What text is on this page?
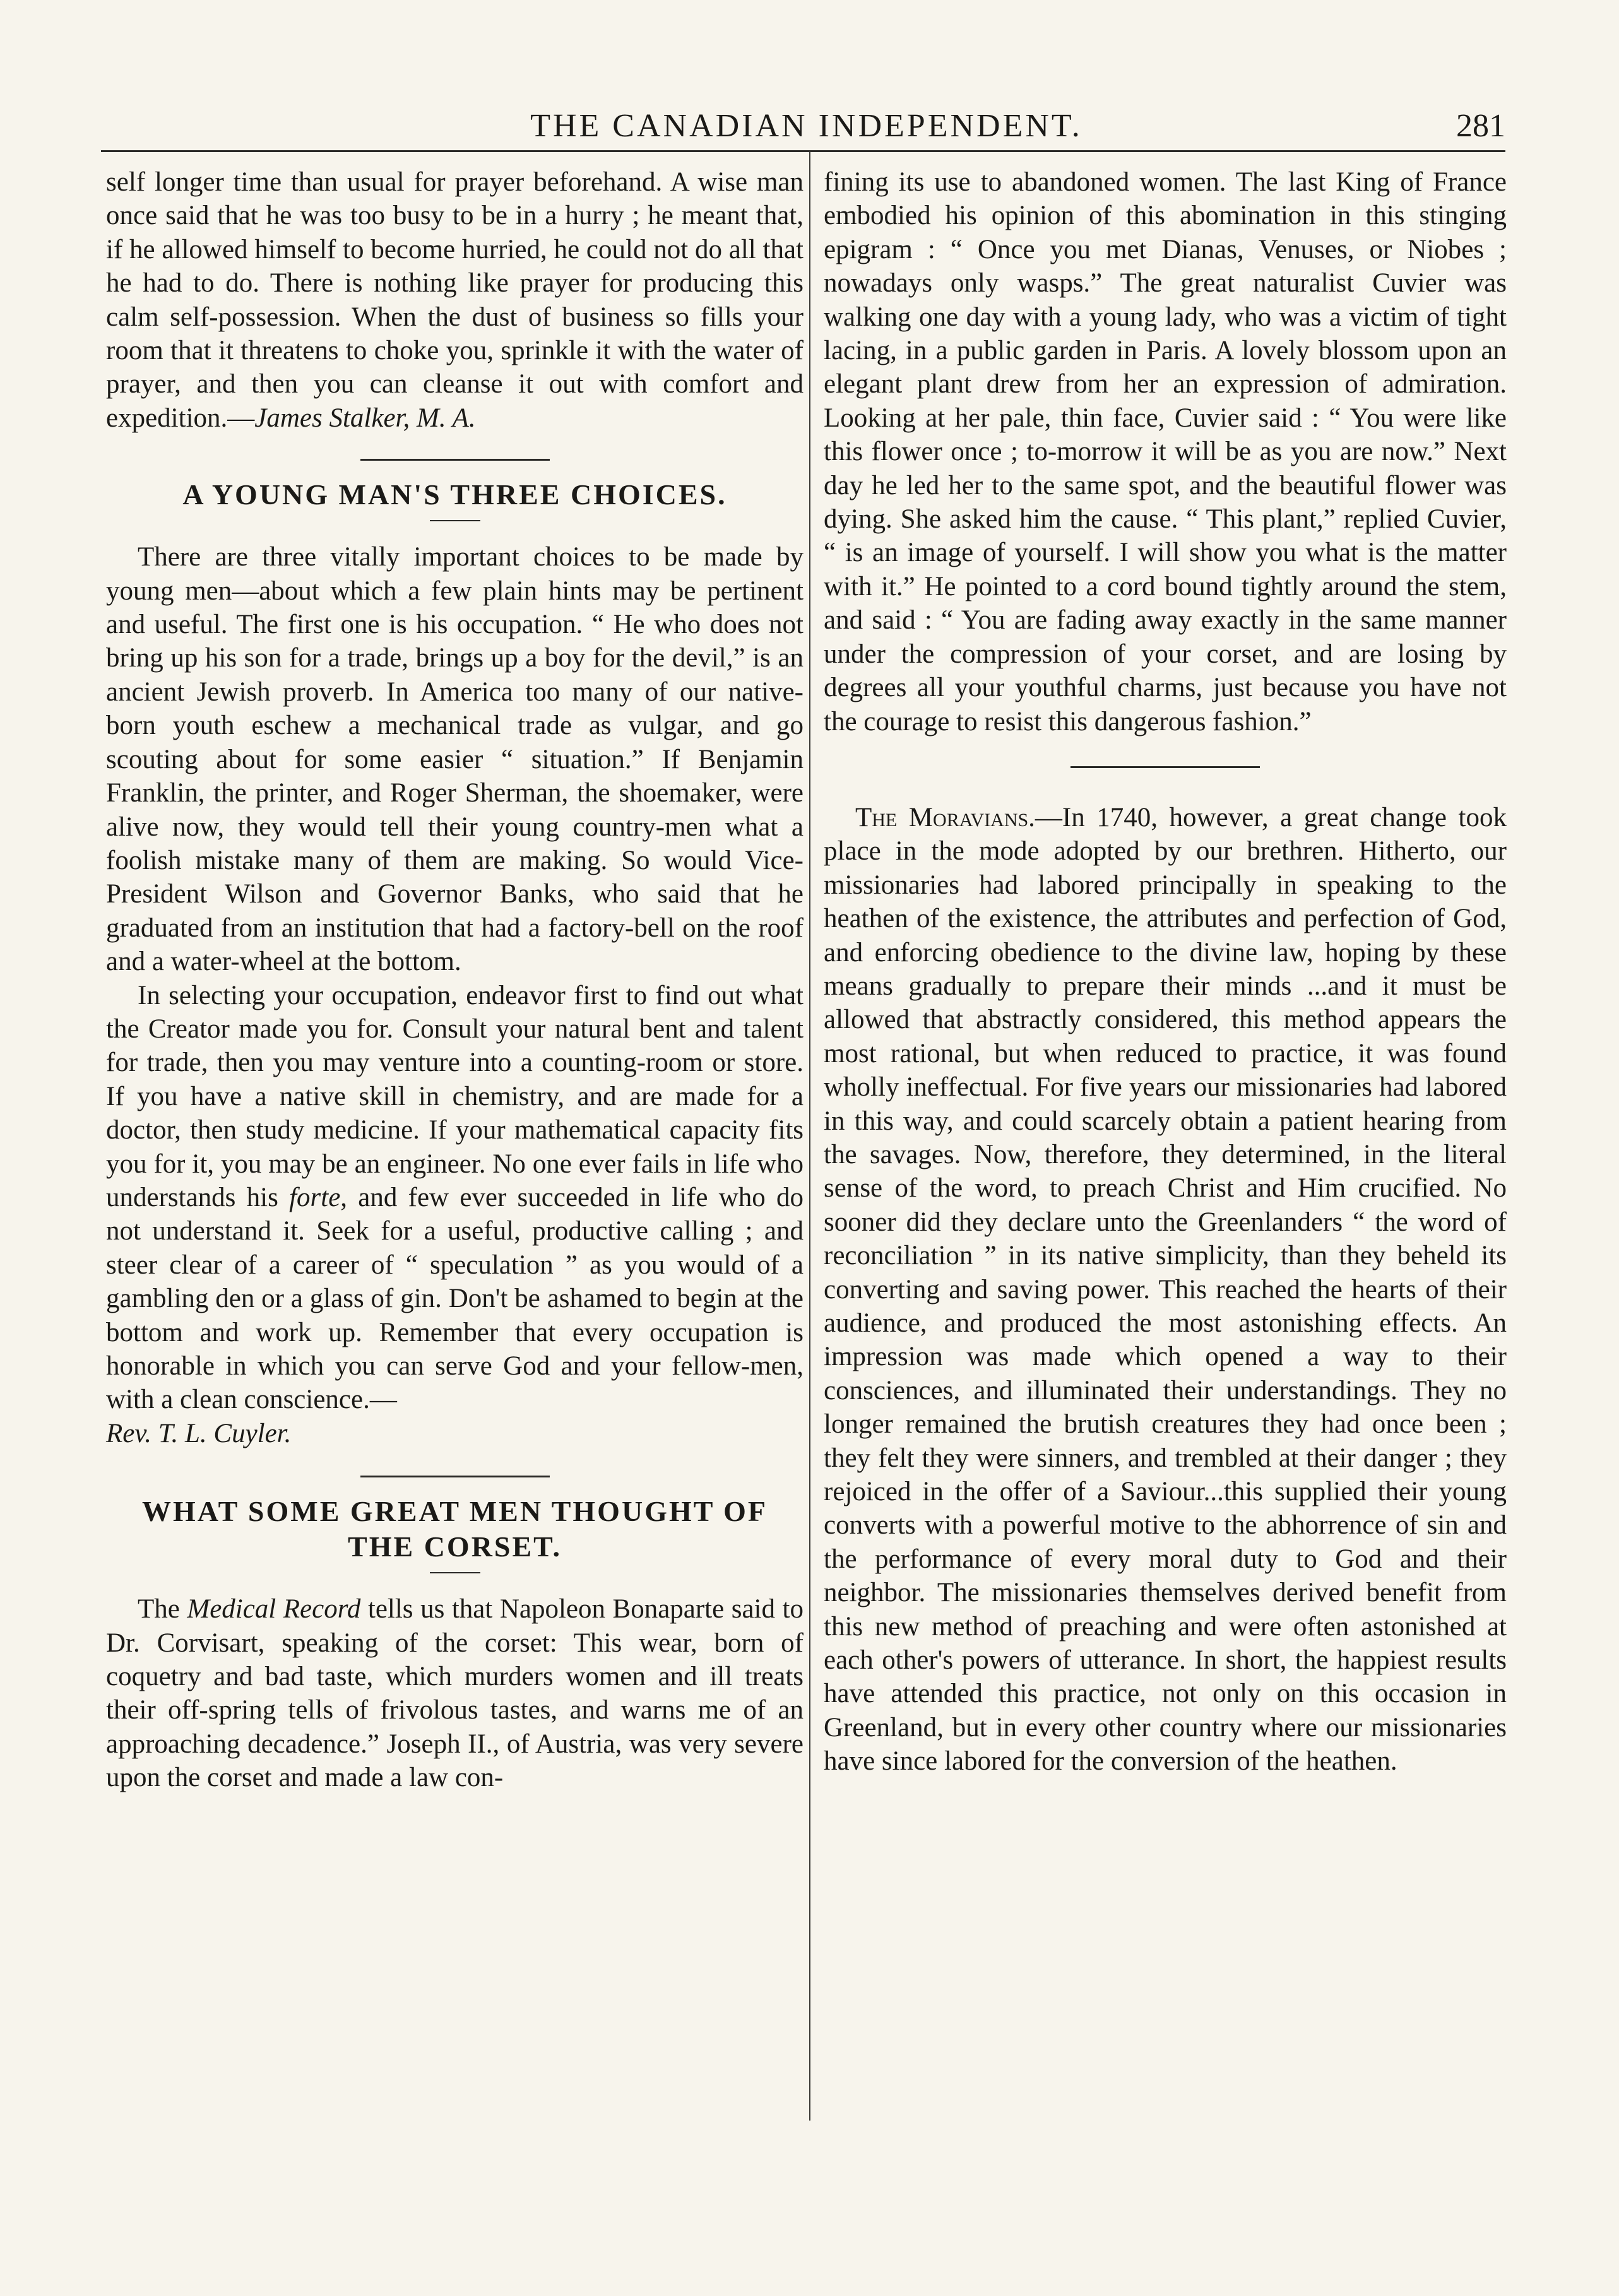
THE CANADIAN INDEPENDENT.	281

self longer time than usual for prayer beforehand. A wise man once said that he was too busy to be in a hurry ; he meant that, if he allowed himself to become hurried, he could not do all that he had to do. There is nothing like prayer for producing this calm self-possession. When the dust of business so fills your room that it threatens to choke you, sprinkle it with the water of prayer, and then you can cleanse it out with comfort and expedition.—James Stalker, M. A.

A YOUNG MAN'S THREE CHOICES.

There are three vitally important choices to be made by young men—about which a few plain hints may be pertinent and useful. The first one is his occupation. “ He who does not bring up his son for a trade, brings up a boy for the devil,” is an ancient Jewish proverb. In America too many of our native-born youth eschew a mechanical trade as vulgar, and go scouting about for some easier “ situation.” If Benjamin Franklin, the printer, and Roger Sherman, the shoemaker, were alive now, they would tell their young country-men what a foolish mistake many of them are making. So would Vice-President Wilson and Governor Banks, who said that he graduated from an institution that had a factory-bell on the roof and a water-wheel at the bottom.

In selecting your occupation, endeavor first to find out what the Creator made you for. Consult your natural bent and talent for trade, then you may venture into a counting-room or store. If you have a native skill in chemistry, and are made for a doctor, then study medicine. If your mathematical capacity fits you for it, you may be an engineer. No one ever fails in life who understands his forte, and few ever succeeded in life who do not understand it. Seek for a useful, productive calling ; and steer clear of a career of “ speculation ” as you would of a gambling den or a glass of gin. Don't be ashamed to begin at the bottom and work up. Remember that every occupation is honorable in which you can serve God and your fellow-men, with a clean conscience.—
Rev. T. L. Cuyler.

WHAT SOME GREAT MEN THOUGHT OF THE CORSET.

The Medical Record tells us that Napoleon Bonaparte said to Dr. Corvisart, speaking of the corset: This wear, born of coquetry and bad taste, which murders women and ill treats their off-spring tells of frivolous tastes, and warns me of an approaching decadence.” Joseph II., of Austria, was very severe upon the corset and made a law con-

fining its use to abandoned women. The last King of France embodied his opinion of this abomination in this stinging epigram : “ Once you met Dianas, Venuses, or Niobes ; nowadays only wasps.” The great naturalist Cuvier was walking one day with a young lady, who was a victim of tight lacing, in a public garden in Paris. A lovely blossom upon an elegant plant drew from her an expression of admiration. Looking at her pale, thin face, Cuvier said : “ You were like this flower once ; to-morrow it will be as you are now.” Next day he led her to the same spot, and the beautiful flower was dying. She asked him the cause. “ This plant,” replied Cuvier, “ is an image of yourself. I will show you what is the matter with it.” He pointed to a cord bound tightly around the stem, and said : “ You are fading away exactly in the same manner under the compression of your corset, and are losing by degrees all your youthful charms, just because you have not the courage to resist this dangerous fashion.”

The Moravians.—In 1740, however, a great change took place in the mode adopted by our brethren. Hitherto, our missionaries had labored principally in speaking to the heathen of the existence, the attributes and perfection of God, and enforcing obedience to the divine law, hoping by these means gradually to prepare their minds ...and it must be allowed that abstractly considered, this method appears the most rational, but when reduced to practice, it was found wholly ineffectual. For five years our missionaries had labored in this way, and could scarcely obtain a patient hearing from the savages. Now, therefore, they determined, in the literal sense of the word, to preach Christ and Him crucified. No sooner did they declare unto the Greenlanders “ the word of reconciliation ” in its native simplicity, than they beheld its converting and saving power. This reached the hearts of their audience, and produced the most astonishing effects. An impression was made which opened a way to their consciences, and illuminated their understandings. They no longer remained the brutish creatures they had once been ; they felt they were sinners, and trembled at their danger ; they rejoiced in the offer of a Saviour...this supplied their young converts with a powerful motive to the abhorrence of sin and the performance of every moral duty to God and their neighbor. The missionaries themselves derived benefit from this new method of preaching and were often astonished at each other's powers of utterance. In short, the happiest results have attended this practice, not only on this occasion in Greenland, but in every other country where our missionaries have since labored for the conversion of the heathen.
